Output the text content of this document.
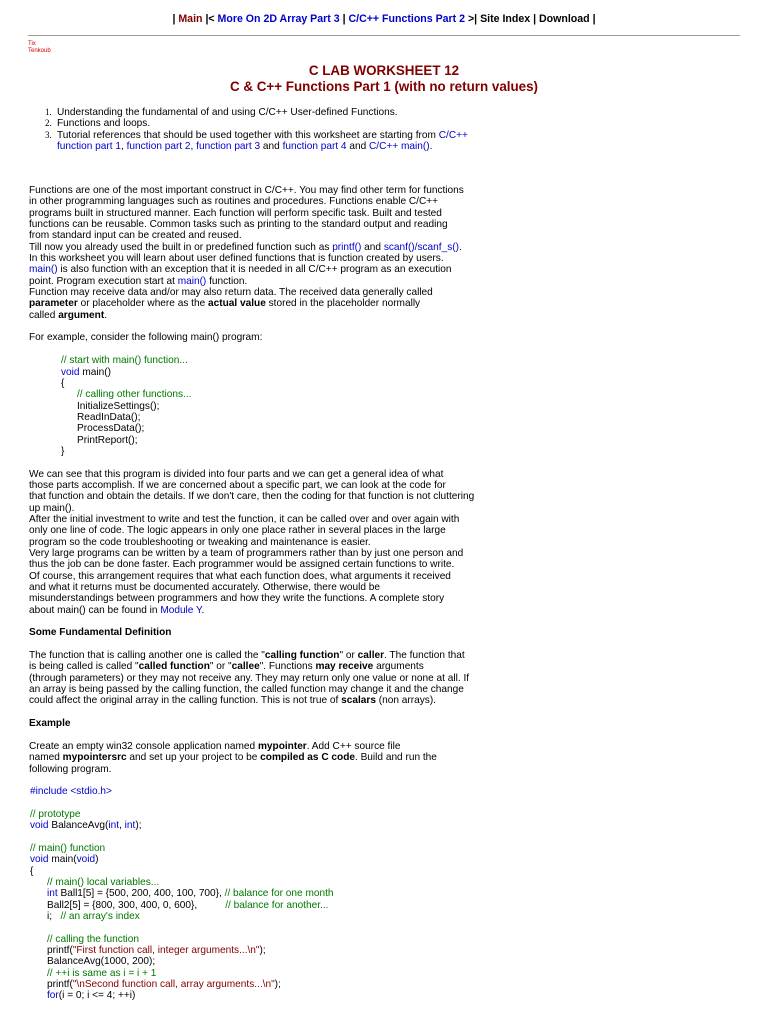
| Main |< More On 2D Array Part 3 | C/C++ Functions Part 2 >| Site Index | Download |
Tix
Tenkoub
C LAB WORKSHEET 12
C & C++ Functions Part 1 (with no return values)
1. Understanding the fundamental of and using C/C++ User-defined Functions.
2. Functions and loops.
3. Tutorial references that should be used together with this worksheet are starting from C/C++
function part 1, function part 2, function part 3 and function part 4 and C/C++ main().

Functions are one of the most important construct in C/C++. You may find other term for functions

in other programming languages such as routines and procedures. Functions enable C/C++

programs built in structured manner. Each function will perform specific task. Built and tested

functions can be reusable. Common tasks such as printing to the standard output and reading

from standard input can be created and reused.

Till now you already used the built in or predefined function such as printf() and scanf()/scanf_s().

In this worksheet you will learn about user defined functions that is function created by users.

main() is also function with an exception that it is needed in all C/C++ program as an execution

point. Program execution start at main() function.

Function may receive data and/or may also return data. The received data generally called

parameter or placeholder where as the actual value stored in the placeholder normally

called argument.

For example, consider the following main() program:

// start with main() function...

void main()

{

// calling other functions...

InitializeSettings();

ReadInData();

ProcessData();

PrintReport();

}

We can see that this program is divided into four parts and we can get a general idea of what

those parts accomplish. If we are concerned about a specific part, we can look at the code for

that function and obtain the details. If we don't care, then the coding for that function is not cluttering

up main().

After the initial investment to write and test the function, it can be called over and over again with

only one line of code. The logic appears in only one place rather in several places in the large

program so the code troubleshooting or tweaking and maintenance is easier.

Very large programs can be written by a team of programmers rather than by just one person and

thus the job can be done faster. Each programmer would be assigned certain functions to write.

Of course, this arrangement requires that what each function does, what arguments it received

and what it returns must be documented accurately. Otherwise, there would be

misunderstandings between programmers and how they write the functions. A complete story

about main() can be found in Module Y.

Some Fundamental Definition

The function that is calling another one is called the "calling function" or caller. The function that

is being called is called "called function" or "callee". Functions may receive arguments

(through parameters) or they may not receive any. They may return only one value or none at all. If

an array is being passed by the calling function, the called function may change it and the change

could affect the original array in the calling function. This is not true of scalars (non arrays).

Example

Create an empty win32 console application named mypointer. Add C++ source file

named mypointersrc and set up your project to be compiled as C code. Build and run the

following program.

#include <stdio.h>

// prototype

void BalanceAvg(int, int);

// main() function

void main(void)

{

// main() local variables...

int Ball1[5] = {500, 200, 400, 100, 700}, // balance for one month

Ball2[5] = {800, 300, 400, 0, 600},	// balance for another...

i; // an array's index

// calling the function

printf("First function call, integer arguments...\n");

BalanceAvg(1000, 200);

// ++i is same as i = i + 1

printf("\nSecond function call, array arguments...\n");

for(i = 0; i <= 4; ++i)
